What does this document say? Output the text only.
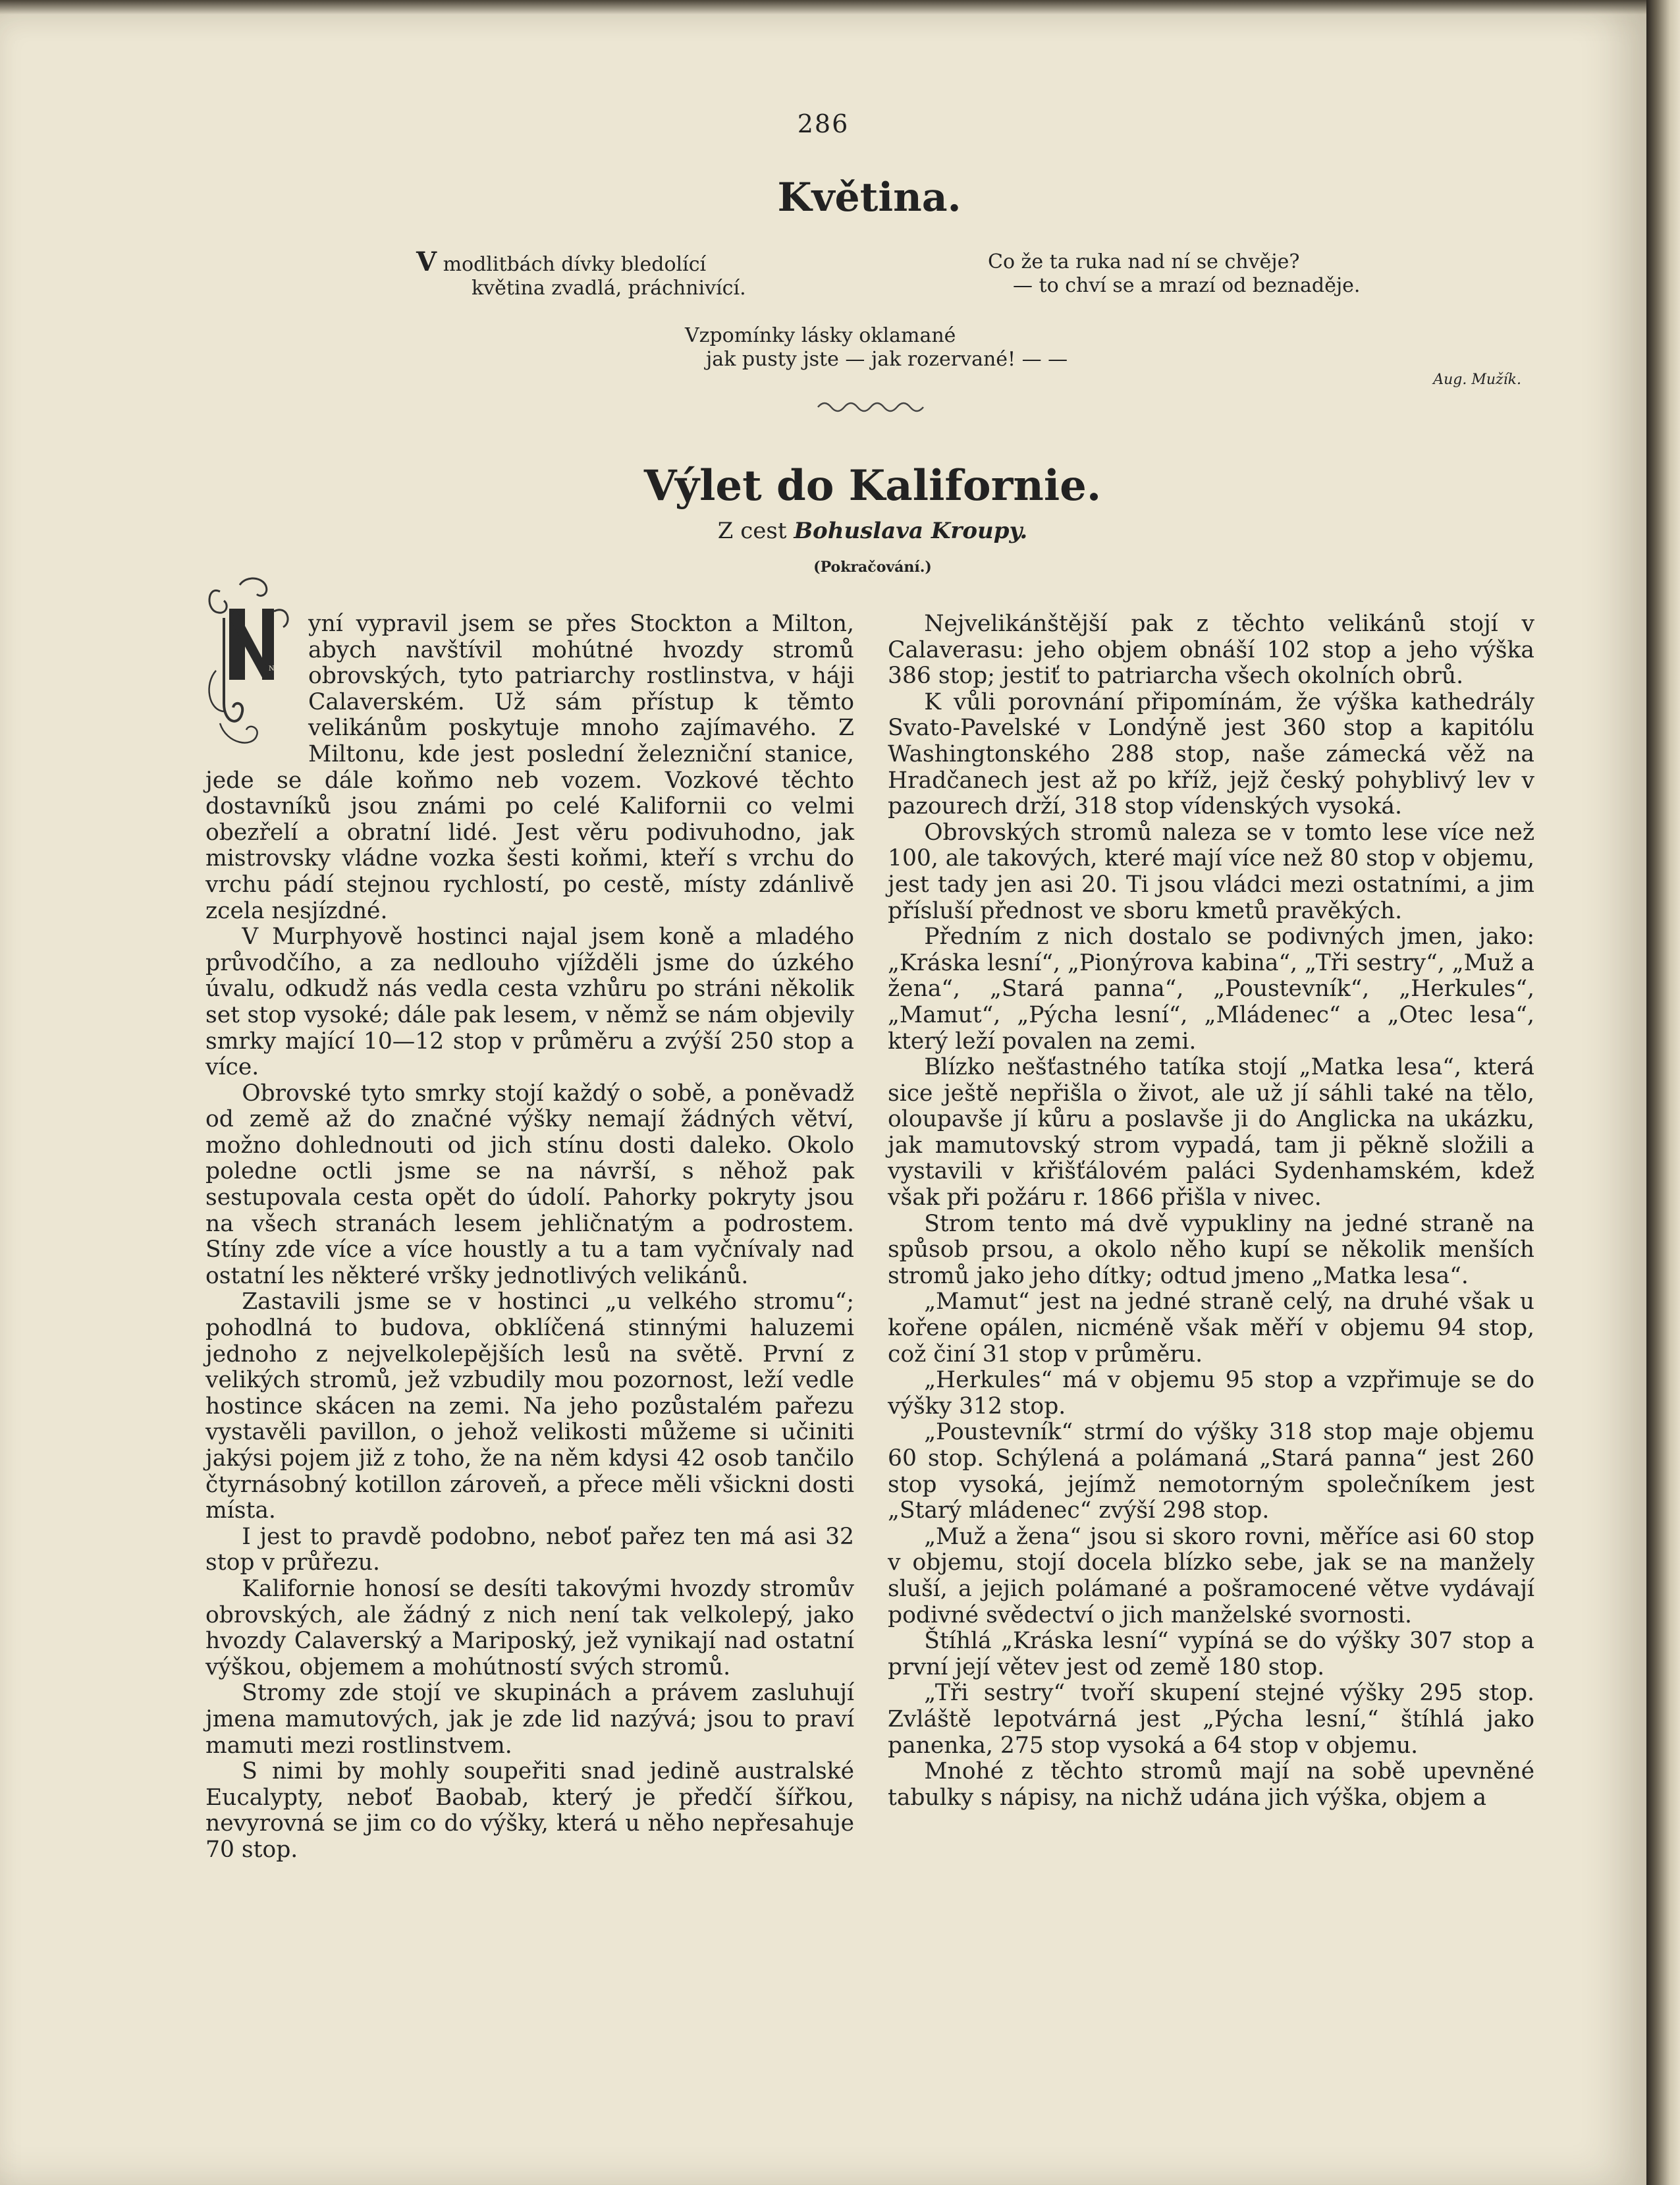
286
Květina.
V modlitbách dívky bledolící
květina zvadlá, práchnivící.
Co že ta ruka nad ní se chvěje?
— to chví se a mrazí od beznaděje.
Vzpomínky lásky oklamané
jak pusty jste — jak rozervané! — —
Aug. Mužík.
Výlet do Kalifornie.
Z cest Bohuslava Kroupy.
(Pokračování.)
N

yní vypravil jsem se přes Stockton a Milton, abych navštívil mohútné hvozdy stromů obrovských, tyto patriarchy rostlinstva, v háji Calaverském. Už sám přístup k těmto velikánům poskytuje mnoho zajímavého. Z Miltonu, kde jest poslední železniční stanice, jede se dále koňmo neb vozem. Vozkové těchto dostavníků jsou známi po celé Kalifornii co velmi obezřelí a obratní lidé. Jest věru podivuhodno, jak mistrovsky vládne vozka šesti koňmi, kteří s vrchu do vrchu pádí stejnou rychlostí, po cestě, místy zdánlivě zcela nesjízdné.

V Murphyově hostinci najal jsem koně a mladého průvodčího, a za nedlouho vjížděli jsme do úzkého úvalu, odkudž nás vedla cesta vzhůru po stráni několik set stop vysoké; dále pak lesem, v němž se nám objevily smrky mající 10—12 stop v průměru a zvýší 250 stop a více.

Obrovské tyto smrky stojí každý o sobě, a poněvadž od země až do značné výšky nemají žádných větví, možno dohlednouti od jich stínu dosti daleko. Okolo poledne octli jsme se na návrší, s něhož pak sestupovala cesta opět do údolí. Pahorky pokryty jsou na všech stranách lesem jehličnatým a podrostem. Stíny zde více a více houstly a tu a tam vyčnívaly nad ostatní les některé vršky jednotlivých velikánů.

Zastavili jsme se v hostinci „u velkého stromu“; pohodlná to budova, obklíčená stinnými haluzemi jednoho z nejvelkolepějších lesů na světě. První z velikých stromů, jež vzbudily mou pozornost, leží vedle hostince skácen na zemi. Na jeho pozůstalém pařezu vystavěli pavillon, o jehož velikosti můžeme si učiniti jakýsi pojem již z toho, že na něm kdysi 42 osob tančilo čtyrnásobný kotillon zároveň, a přece měli všickni dosti místa.

I jest to pravdě podobno, neboť pařez ten má asi 32 stop v průřezu.

Kalifornie honosí se desíti takovými hvozdy stromův obrovských, ale žádný z nich není tak velkolepý, jako hvozdy Calaverský a Mariposký, jež vynikají nad ostatní výškou, objemem a mohútností svých stromů.

Stromy zde stojí ve skupinách a právem zasluhují jmena mamutových, jak je zde lid nazývá; jsou to praví mamuti mezi rostlinstvem.

S nimi by mohly soupeřiti snad jedině australské Eucalypty, neboť Baobab, který je předčí šířkou, nevyrovná se jim co do výšky, která u něho nepřesahuje 70 stop.

Nejvelikánštější pak z těchto velikánů stojí v Calaverasu: jeho objem obnáší 102 stop a jeho výška 386 stop; jestiť to patriarcha všech okolních obrů.

K vůli porovnání připomínám, že výška kathedrály Svato-Pavelské v Londýně jest 360 stop a kapitólu Washingtonského 288 stop, naše zámecká věž na Hradčanech jest až po kříž, jejž český pohyblivý lev v pazourech drží, 318 stop vídenských vysoká.

Obrovských stromů naleza se v tomto lese více než 100, ale takových, které mají více než 80 stop v objemu, jest tady jen asi 20. Ti jsou vládci mezi ostatními, a jim přísluší přednost ve sboru kmetů pravěkých.

Předním z nich dostalo se podivných jmen, jako: „Kráska lesní“, „Pionýrova kabina“, „Tři sestry“, „Muž a žena“, „Stará panna“, „Poustevník“, „Herkules“, „Mamut“, „Pýcha lesní“, „Mládenec“ a „Otec lesa“, který leží povalen na zemi.

Blízko nešťastného tatíka stojí „Matka lesa“, která sice ještě nepřišla o život, ale už jí sáhli také na tělo, oloupavše jí kůru a poslavše ji do Anglicka na ukázku, jak mamutovský strom vypadá, tam ji pěkně složili a vystavili v křišťálovém paláci Sydenhamském, kdež však při požáru r. 1866 přišla v nivec.

Strom tento má dvě vypukliny na jedné straně na spůsob prsou, a okolo něho kupí se několik menších stromů jako jeho dítky; odtud jmeno „Matka lesa“.

„Mamut“ jest na jedné straně celý, na druhé však u kořene opálen, nicméně však měří v objemu 94 stop, což činí 31 stop v průměru.

„Herkules“ má v objemu 95 stop a vzpřimuje se do výšky 312 stop.

„Poustevník“ strmí do výšky 318 stop maje objemu 60 stop. Schýlená a polámaná „Stará panna“ jest 260 stop vysoká, jejímž nemotorným společníkem jest „Starý mládenec“ zvýší 298 stop.

„Muž a žena“ jsou si skoro rovni, měříce asi 60 stop v objemu, stojí docela blízko sebe, jak se na manžely sluší, a jejich polámané a pošramocené větve vydávají podivné svědectví o jich manželské svornosti.

Štíhlá „Kráska lesní“ vypíná se do výšky 307 stop a první její větev jest od země 180 stop.

„Tři sestry“ tvoří skupení stejné výšky 295 stop. Zvláště lepotvárná jest „Pýcha lesní,“ štíhlá jako panenka, 275 stop vysoká a 64 stop v objemu.

Mnohé z těchto stromů mají na sobě upevněné tabulky s nápisy, na nichž udána jich výška, objem a
